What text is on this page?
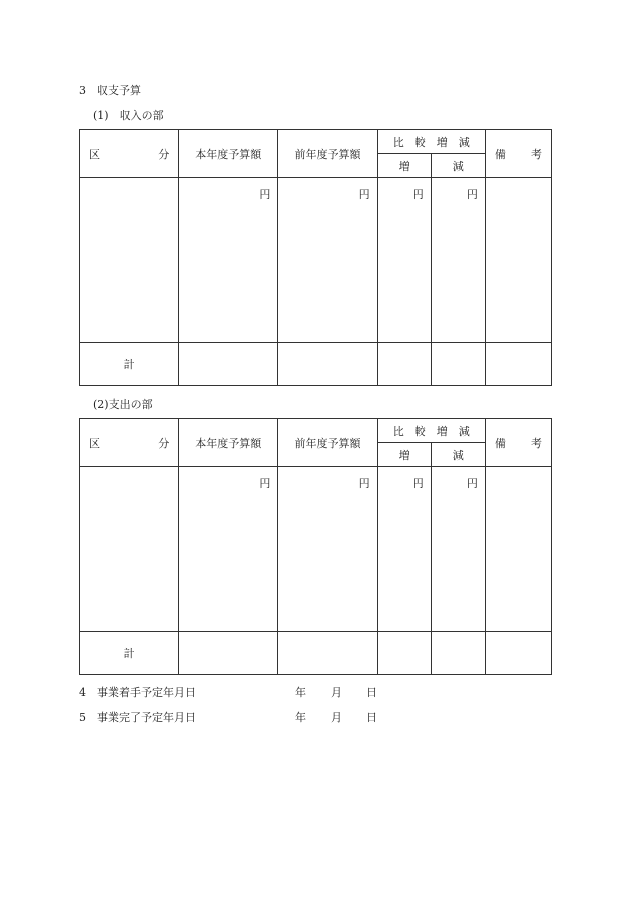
3　収支予算
(1)　収入の部
区 分	本年度予算額	前年度予算額	比　較　増　減		備 考

			増	減	
	円	円	円	円	
計					
(2)支出の部
区 分	本年度予算額	前年度予算額	比　較　増　減		備 考

			増	減	
	円	円	円	円	
計					
4　事業着手予定年月日	年 月 日
5　事業完了予定年月日	年 月 日
